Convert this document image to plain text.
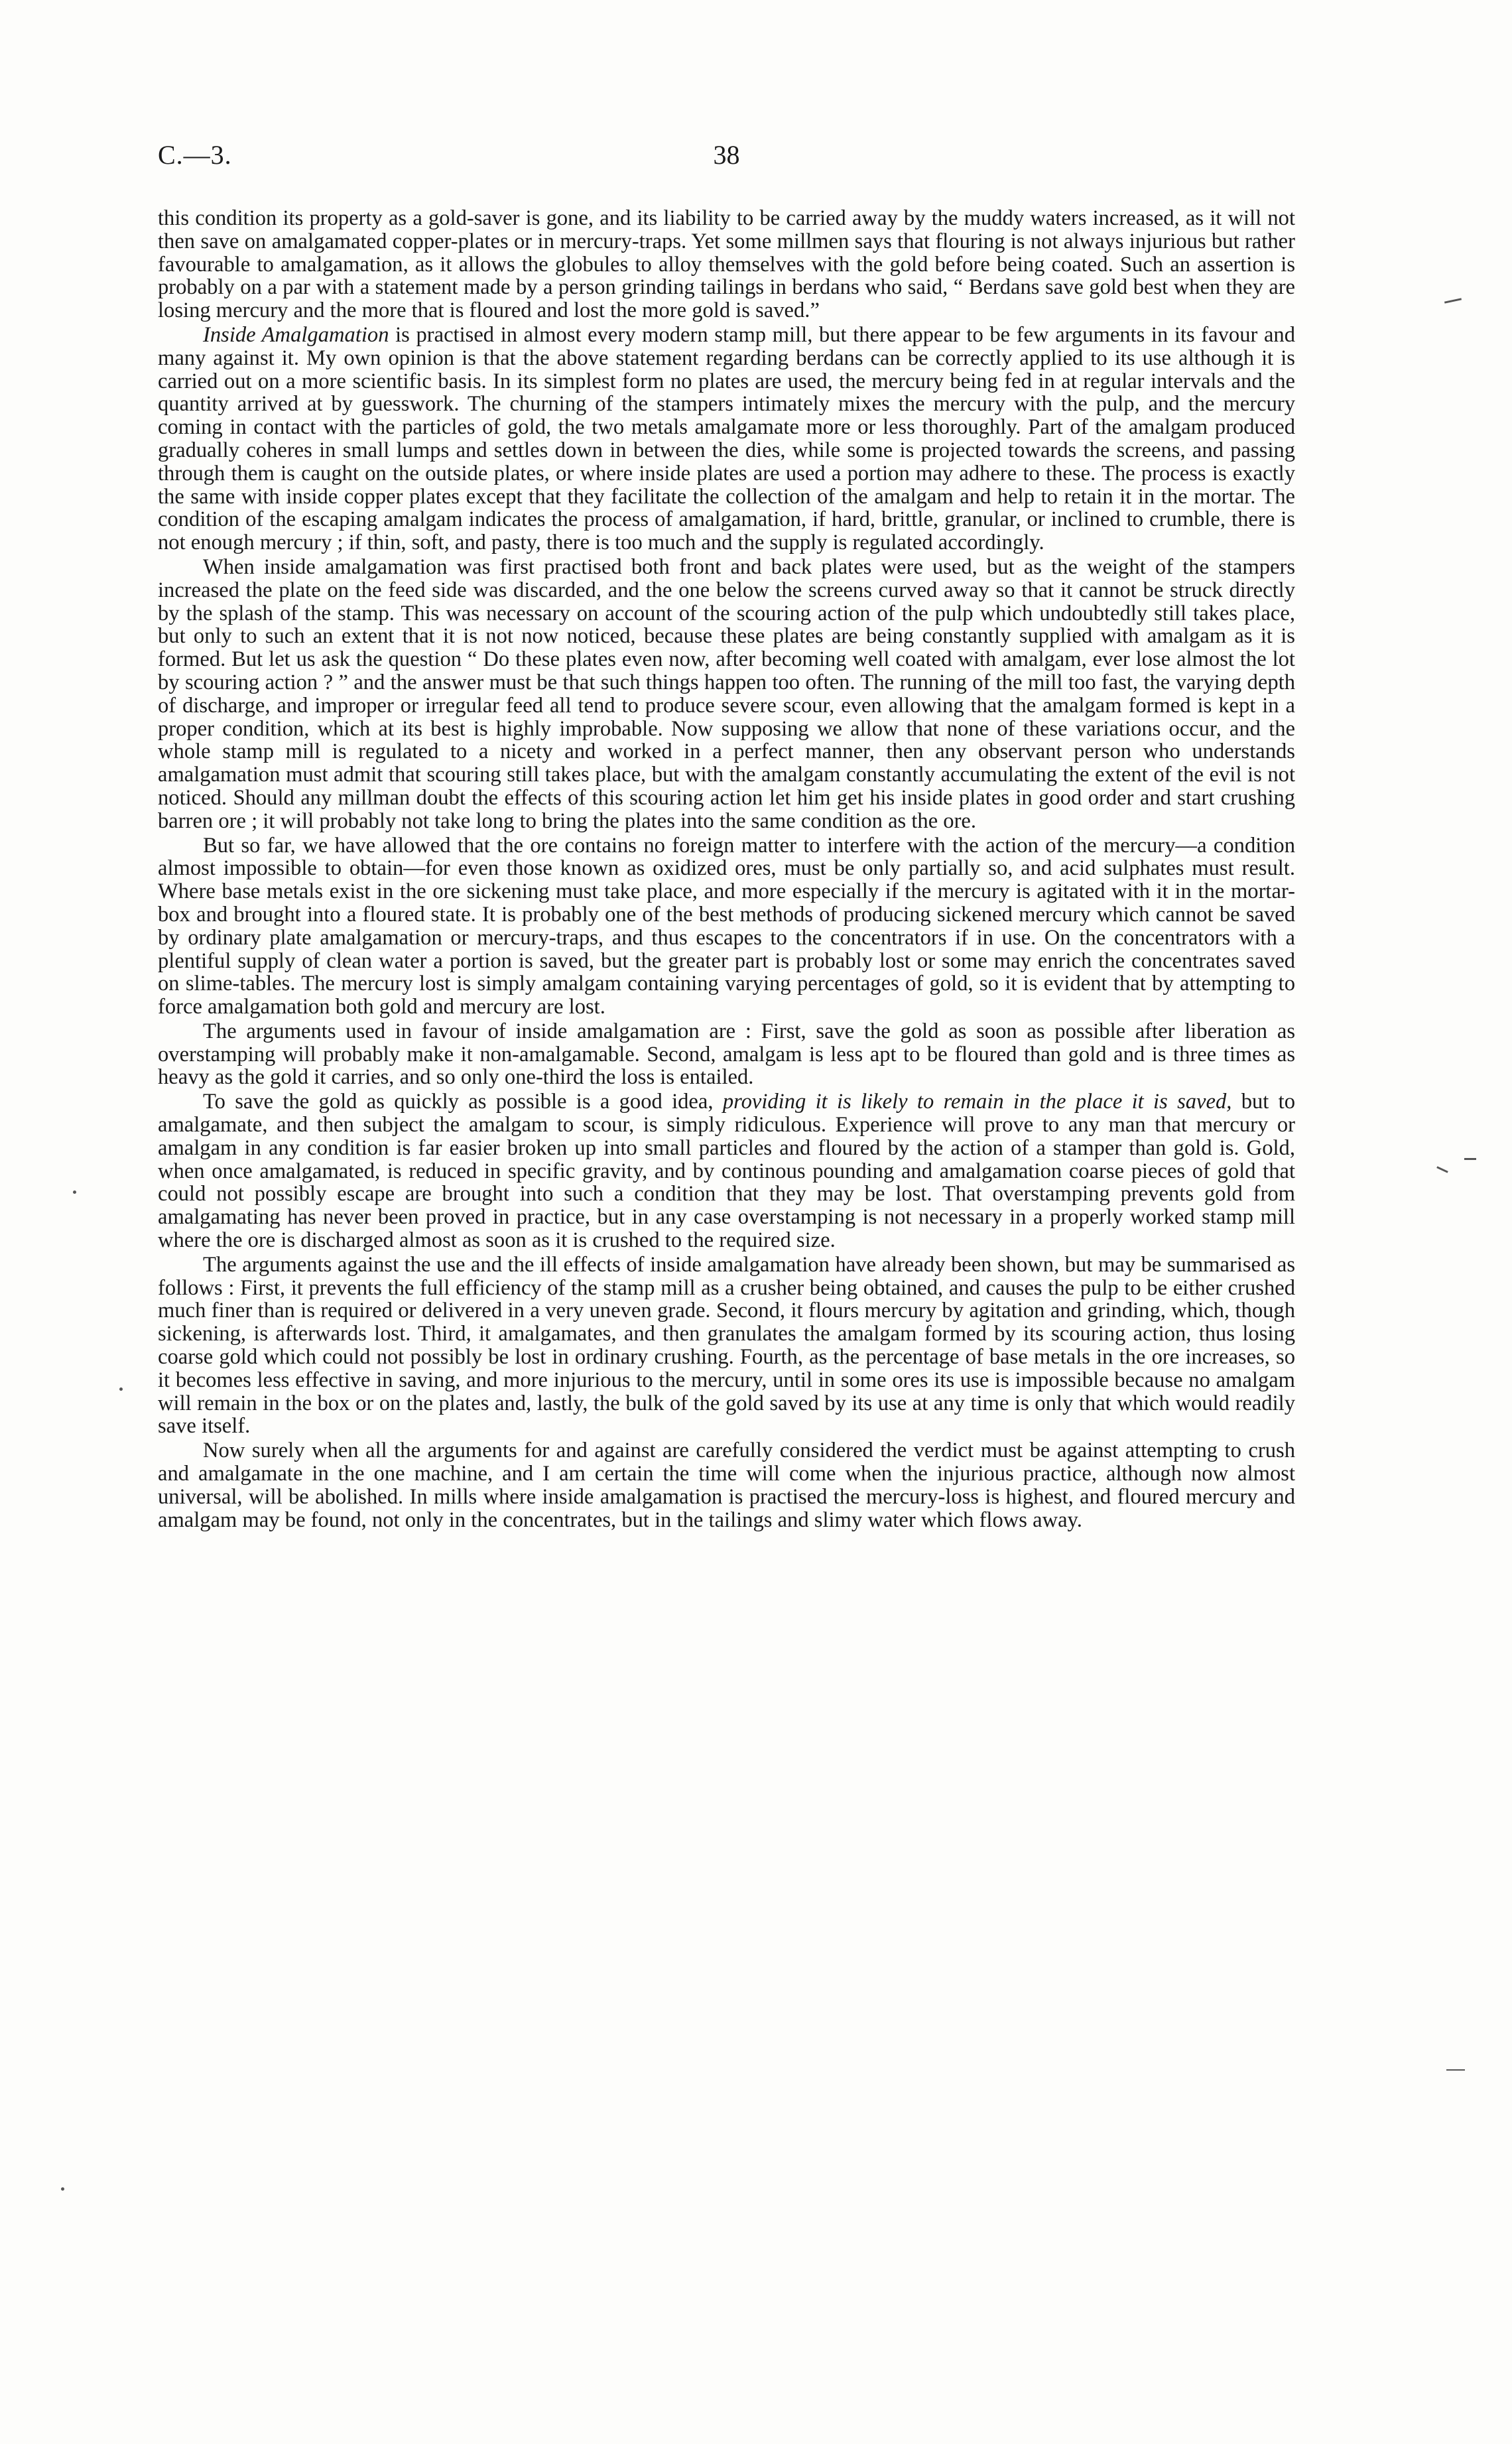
C.—3.	38

this condition its property as a gold-saver is gone, and its liability to be carried away by the muddy waters increased, as it will not then save on amalgamated copper-plates or in mercury-traps. Yet some millmen says that flouring is not always injurious but rather favourable to amalgamation, as it allows the globules to alloy themselves with the gold before being coated. Such an assertion is probably on a par with a statement made by a person grinding tailings in berdans who said, “ Berdans save gold best when they are losing mercury and the more that is floured and lost the more gold is saved.”

Inside Amalgamation is practised in almost every modern stamp mill, but there appear to be few arguments in its favour and many against it. My own opinion is that the above statement regarding berdans can be correctly applied to its use although it is carried out on a more scientific basis. In its simplest form no plates are used, the mercury being fed in at regular intervals and the quantity arrived at by guesswork. The churning of the stampers intimately mixes the mercury with the pulp, and the mercury coming in contact with the particles of gold, the two metals amalgamate more or less thoroughly. Part of the amalgam produced gradually coheres in small lumps and settles down in between the dies, while some is projected towards the screens, and passing through them is caught on the outside plates, or where inside plates are used a portion may adhere to these. The process is exactly the same with inside copper plates except that they facilitate the collection of the amalgam and help to retain it in the mortar. The condition of the escaping amalgam indicates the process of amalgamation, if hard, brittle, granular, or inclined to crumble, there is not enough mercury ; if thin, soft, and pasty, there is too much and the supply is regulated accordingly.

When inside amalgamation was first practised both front and back plates were used, but as the weight of the stampers increased the plate on the feed side was discarded, and the one below the screens curved away so that it cannot be struck directly by the splash of the stamp. This was necessary on account of the scouring action of the pulp which undoubtedly still takes place, but only to such an extent that it is not now noticed, because these plates are being constantly supplied with amalgam as it is formed. But let us ask the question “ Do these plates even now, after becoming well coated with amalgam, ever lose almost the lot by scouring action ? ” and the answer must be that such things happen too often. The running of the mill too fast, the varying depth of discharge, and improper or irregular feed all tend to produce severe scour, even allowing that the amalgam formed is kept in a proper condition, which at its best is highly improbable. Now supposing we allow that none of these variations occur, and the whole stamp mill is regulated to a nicety and worked in a perfect manner, then any observant person who understands amalgamation must admit that scouring still takes place, but with the amalgam constantly accumulating the extent of the evil is not noticed. Should any millman doubt the effects of this scouring action let him get his inside plates in good order and start crushing barren ore ; it will probably not take long to bring the plates into the same condition as the ore.

But so far, we have allowed that the ore contains no foreign matter to interfere with the action of the mercury—a condition almost impossible to obtain—for even those known as oxidized ores, must be only partially so, and acid sulphates must result. Where base metals exist in the ore sickening must take place, and more especially if the mercury is agitated with it in the mortar-box and brought into a floured state. It is probably one of the best methods of producing sickened mercury which cannot be saved by ordinary plate amalgamation or mercury-traps, and thus escapes to the concentrators if in use. On the concentrators with a plentiful supply of clean water a portion is saved, but the greater part is probably lost or some may enrich the concentrates saved on slime-tables. The mercury lost is simply amalgam containing varying percentages of gold, so it is evident that by attempting to force amalgamation both gold and mercury are lost.

The arguments used in favour of inside amalgamation are : First, save the gold as soon as possible after liberation as overstamping will probably make it non-amalgamable. Second, amalgam is less apt to be floured than gold and is three times as heavy as the gold it carries, and so only one-third the loss is entailed.

To save the gold as quickly as possible is a good idea, providing it is likely to remain in the place it is saved, but to amalgamate, and then subject the amalgam to scour, is simply ridiculous. Experience will prove to any man that mercury or amalgam in any condition is far easier broken up into small particles and floured by the action of a stamper than gold is. Gold, when once amalgamated, is reduced in specific gravity, and by continous pounding and amalgamation coarse pieces of gold that could not possibly escape are brought into such a condition that they may be lost. That overstamping prevents gold from amalgamating has never been proved in practice, but in any case overstamping is not necessary in a properly worked stamp mill where the ore is discharged almost as soon as it is crushed to the required size.

The arguments against the use and the ill effects of inside amalgamation have already been shown, but may be summarised as follows : First, it prevents the full efficiency of the stamp mill as a crusher being obtained, and causes the pulp to be either crushed much finer than is required or delivered in a very uneven grade. Second, it flours mercury by agitation and grinding, which, though sickening, is afterwards lost. Third, it amalgamates, and then granulates the amalgam formed by its scouring action, thus losing coarse gold which could not possibly be lost in ordinary crushing. Fourth, as the percentage of base metals in the ore increases, so it becomes less effective in saving, and more injurious to the mercury, until in some ores its use is impossible because no amalgam will remain in the box or on the plates and, lastly, the bulk of the gold saved by its use at any time is only that which would readily save itself.

Now surely when all the arguments for and against are carefully considered the verdict must be against attempting to crush and amalgamate in the one machine, and I am certain the time will come when the injurious practice, although now almost universal, will be abolished. In mills where inside amalgamation is practised the mercury-loss is highest, and floured mercury and amalgam may be found, not only in the concentrates, but in the tailings and slimy water which flows away.
